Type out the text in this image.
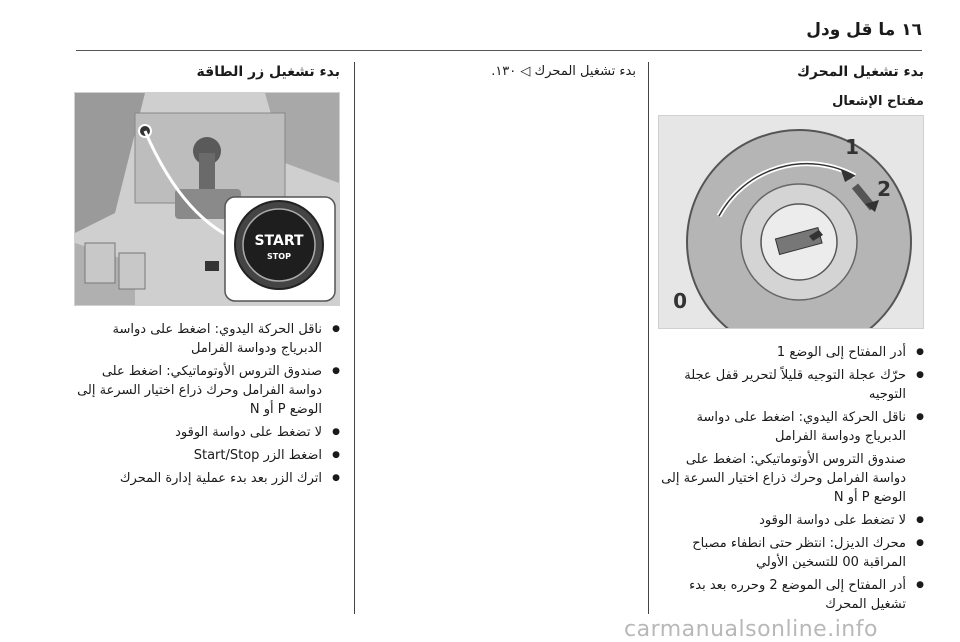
١٦ ما قل ودل
بدء تشغيل المحرك
مفتاح الإشعال
1
2
0
● أدر المفتاح إلى الوضع 1
● حرّك عجلة التوجيه قليلاً لتحرير قفل عجلة التوجيه
● ناقل الحركة اليدوي: اضغط على دواسة الدبرياج ودواسة الفرامل
صندوق التروس الأوتوماتيكي: اضغط على دواسة الفرامل وحرك ذراع اختيار السرعة إلى الوضع P أو N
● لا تضغط على دواسة الوقود
● محرك الديزل: انتظر حتى انطفاء مصباح المراقبة 00 للتسخين الأولي
● أدر المفتاح إلى الموضع 2 وحرره بعد بدء تشغيل المحرك
بدء تشغيل المحرك ◁ ١٣٠.
بدء تشغيل زر الطاقة
START
STOP
● ناقل الحركة اليدوي: اضغط على دواسة الدبرياج ودواسة الفرامل
● صندوق التروس الأوتوماتيكي: اضغط على دواسة الفرامل وحرك ذراع اختيار السرعة إلى الوضع P أو N
● لا تضغط على دواسة الوقود
● اضغط الزر Start/Stop
● اترك الزر بعد بدء عملية إدارة المحرك
carmanualsonline.info
